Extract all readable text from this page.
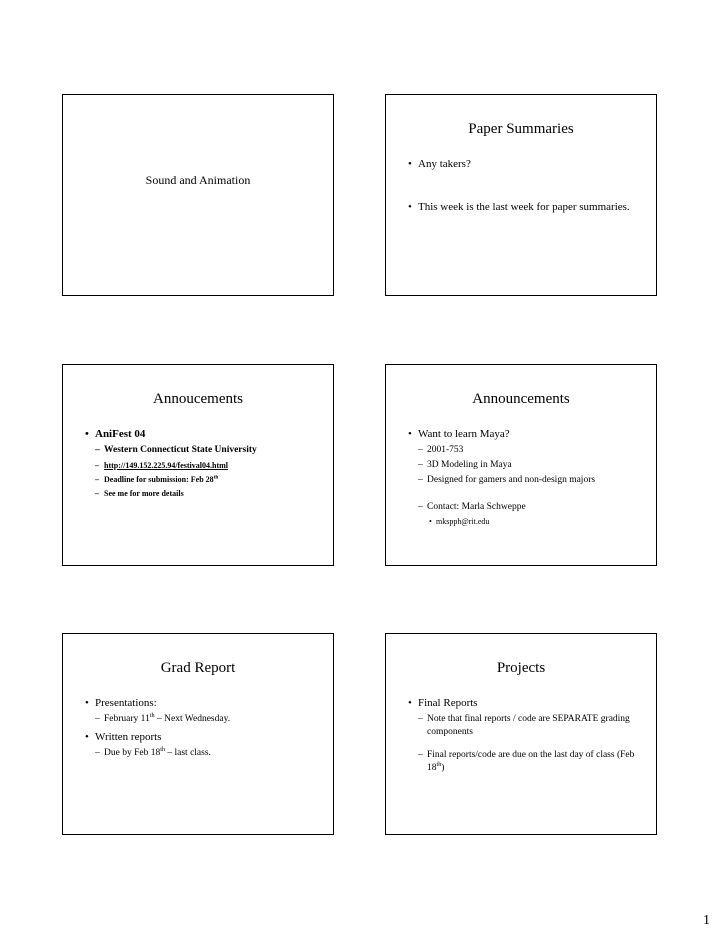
Sound and Animation
Paper Summaries
• Any takers?
• This week is the last week for paper summaries.
Annoucements
• AniFest 04
– Western Connecticut State University
– http://149.152.225.94/festival04.html
– Deadline for submission: Feb 28th
– See me for more details
Announcements
• Want to learn Maya?
– 2001-753
– 3D Modeling in Maya
– Designed for gamers and non-design majors
– Contact: Marla Schweppe
• mkspph@rit.edu
Grad Report
• Presentations:
– February 11th – Next Wednesday.
• Written reports
– Due by Feb 18th – last class.
Projects
• Final Reports
– Note that final reports / code are SEPARATE grading components
– Final reports/code are due on the last day of class (Feb 18th)
1
